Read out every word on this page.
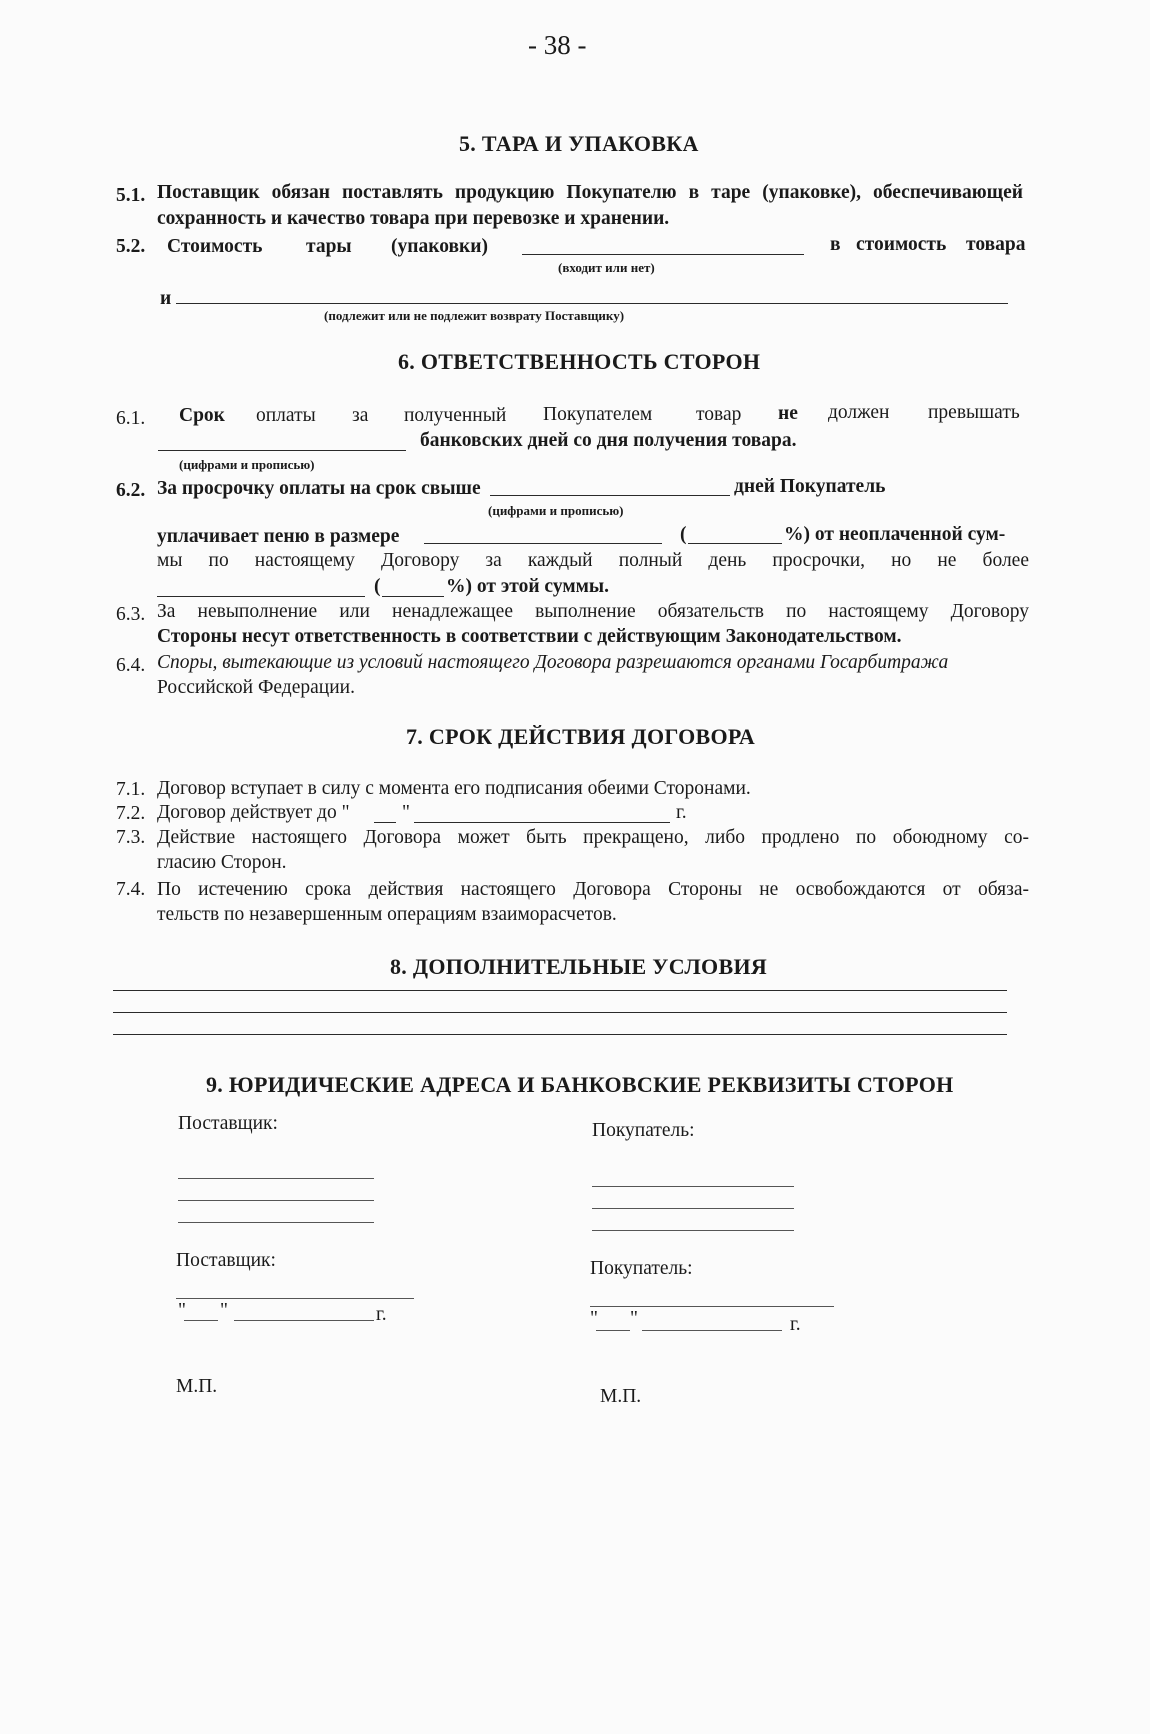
- 38 -
5. ТАРА И УПАКОВКА
5.1. Поставщик обязан поставлять продукцию Покупателю в таре (упаковке), обеспечивающей
сохранность и качество товара при перевозке и хранении.
5.2. Стоимость тары (упаковки)	в стоимость товара
(входит или нет)
и
(подлежит или не подлежит возврату Поставщику)
6. ОТВЕТСТВЕННОСТЬ СТОРОН
6.1. Срок оплаты за полученный Покупателем товар не должен превышать
банковских дней со дня получения товара.
(цифрами и прописью)
6.2. За просрочку оплаты на срок свыше	дней Покупатель
(цифрами и прописью)
уплачивает пеню в размере	(	%) от неоплаченной сум-
мы по настоящему Договору за каждый полный день просрочки, но не более
(	%) от этой суммы.
6.3. За невыполнение или ненадлежащее выполнение обязательств по настоящему Договору
Стороны несут ответственность в соответствии с действующим Законодательством.
6.4. Споры, вытекающие из условий настоящего Договора разрешаются органами Госарбитража
Российской Федерации.
7. СРОК ДЕЙСТВИЯ ДОГОВОРА
7.1. Договор вступает в силу с момента его подписания обеими Сторонами.
7.2. Договор действует до "	"	г.
7.3. Действие настоящего Договора может быть прекращено, либо продлено по обоюдному со-
гласию Сторон.
7.4. По истечению срока действия настоящего Договора Стороны не освобождаются от обяза-
тельств по незавершенным операциям взаиморасчетов.
8. ДОПОЛНИТЕЛЬНЫЕ УСЛОВИЯ
9. ЮРИДИЧЕСКИЕ АДРЕСА И БАНКОВСКИЕ РЕКВИЗИТЫ СТОРОН
Поставщик:	Покупатель:
Поставщик:	Покупатель:
" "	г.	" "	г.
М.П.	М.П.
